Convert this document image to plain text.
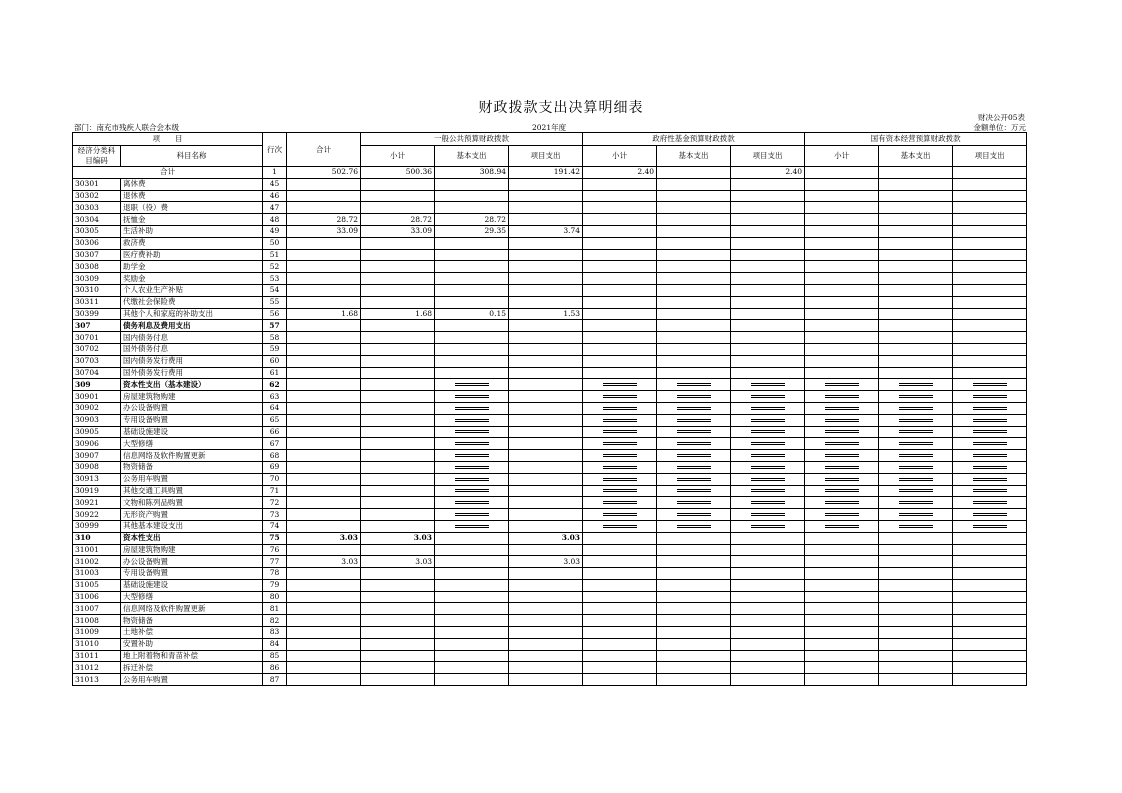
财政拨款支出决算明细表
财决公开05表
部门：南充市残疾人联合会本级	2021年度	金额单位：万元
项　　目		行次	合计	一般公共预算财政拨款			政府性基金预算财政拨款			国有资本经营预算财政拨款		
经济分类科目编码	科目名称			小计	基本支出	项目支出	小计	基本支出	项目支出	小计	基本支出	项目支出
合计		1	502.76	500.36	308.94	191.42	2.40		2.40			
30301	离休费	45										
30302	退休费	46										
30303	退职（役）费	47										
30304	抚恤金	48	28.72	28.72	28.72							
30305	生活补助	49	33.09	33.09	29.35	3.74						
30306	救济费	50										
30307	医疗费补助	51										
30308	助学金	52										
30309	奖励金	53										
30310	个人农业生产补贴	54										
30311	代缴社会保险费	55										
30399	其他个人和家庭的补助支出	56	1.68	1.68	0.15	1.53						
307	债务利息及费用支出	57										
30701	国内债务付息	58										
30702	国外债务付息	59										
30703	国内债务发行费用	60										
30704	国外债务发行费用	61										
309	资本性支出（基本建设）	62										
30901	房屋建筑物购建	63										
30902	办公设备购置	64										
30903	专用设备购置	65										
30905	基础设施建设	66										
30906	大型修缮	67										
30907	信息网络及软件购置更新	68										
30908	物资储备	69										
30913	公务用车购置	70										
30919	其他交通工具购置	71										
30921	文物和陈列品购置	72										
30922	无形资产购置	73										
30999	其他基本建设支出	74										
310	资本性支出	75	3.03	3.03		3.03						
31001	房屋建筑物购建	76										
31002	办公设备购置	77	3.03	3.03		3.03						
31003	专用设备购置	78										
31005	基础设施建设	79										
31006	大型修缮	80										
31007	信息网络及软件购置更新	81										
31008	物资储备	82										
31009	土地补偿	83										
31010	安置补助	84										
31011	地上附着物和青苗补偿	85										
31012	拆迁补偿	86										
31013	公务用车购置	87										
